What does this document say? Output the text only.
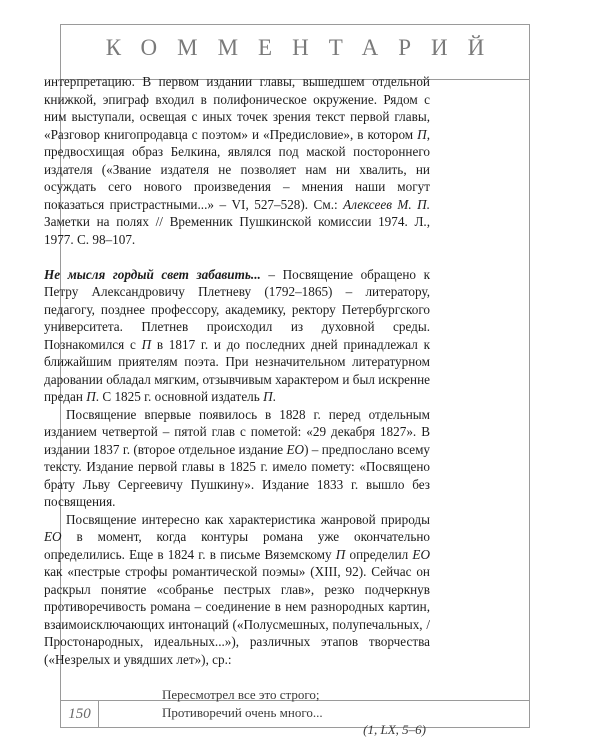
КОММЕНТАРИЙ
150

интерпретацию. В первом издании главы, вышедшем отдельной книжкой, эпиграф входил в полифоническое окружение. Рядом с ним выступали, освещая с иных точек зрения текст первой главы, «Разговор книгопродавца с поэтом» и «Предисловие», в котором П, предвосхищая образ Белкина, являлся под маской постороннего издателя («Звание издателя не позволяет нам ни хвалить, ни осуждать сего нового произведения – мнения наши могут показаться пристрастными...» – VI, 527–528). См.: Алексеев М. П. Заметки на полях // Временник Пушкинской комиссии 1974. Л., 1977. С. 98–107.

Не мысля гордый свет забавить... – Посвящение обращено к Петру Александровичу Плетневу (1792–1865) – литератору, педагогу, позднее профессору, академику, ректору Петербургского университета. Плетнев происходил из духовной среды. Познакомился с П в 1817 г. и до последних дней принадлежал к ближайшим приятелям поэта. При незначительном литературном даровании обладал мягким, отзывчивым характером и был искренне предан П. С 1825 г. основной издатель П.

Посвящение впервые появилось в 1828 г. перед отдельным изданием четвертой – пятой глав с пометой: «29 декабря 1827». В издании 1837 г. (второе отдельное издание ЕО) – предпослано всему тексту. Издание первой главы в 1825 г. имело помету: «Посвящено брату Льву Сергеевичу Пушкину». Издание 1833 г. вышло без посвящения.

Посвящение интересно как характеристика жанровой природы ЕО в момент, когда контуры романа уже окончательно определились. Еще в 1824 г. в письме Вяземскому П определил ЕО как «пестрые строфы романтической поэмы» (XIII, 92). Сейчас он раскрыл понятие «собранье пестрых глав», резко подчеркнув противоречивость романа – соединение в нем разнородных картин, взаимоисключающих интонаций («Полусмешных, полупечальных, / Простонародных, идеальных...»), различных этапов творчества («Незрелых и увядших лет»), ср.:

Пересмотрел все это строго;
Противоречий очень много...
(1, LX, 5–6)
